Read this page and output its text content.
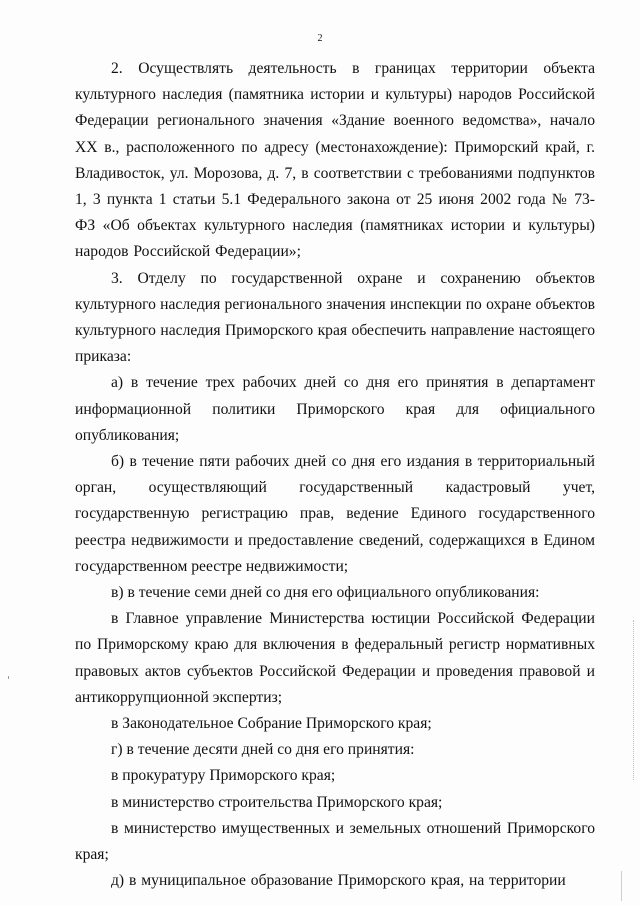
2

2. Осуществлять деятельность в границах территории объекта культурного наследия (памятника истории и культуры) народов Российской Федерации регионального значения «Здание военного ведомства», начало XX в., расположенного по адресу (местонахождение): Приморский край, г. Владивосток, ул. Морозова, д. 7, в соответствии с требованиями подпунктов 1, 3 пункта 1 статьи 5.1 Федерального закона от 25 июня 2002 года № 73-ФЗ «Об объектах культурного наследия (памятниках истории и культуры) народов Российской Федерации»;

3. Отделу по государственной охране и сохранению объектов культурного наследия регионального значения инспекции по охране объектов культурного наследия Приморского края обеспечить направление настоящего приказа:

а) в течение трех рабочих дней со дня его принятия в департамент информационной политики Приморского края для официального опубликования;

б) в течение пяти рабочих дней со дня его издания в территориальный орган, осуществляющий государственный кадастровый учет, государственную регистрацию прав, ведение Единого государственного реестра недвижимости и предоставление сведений, содержащихся в Едином государственном реестре недвижимости;

в) в течение семи дней со дня его официального опубликования:

в Главное управление Министерства юстиции Российской Федерации по Приморскому краю для включения в федеральный регистр нормативных правовых актов субъектов Российской Федерации и проведения правовой и антикоррупционной экспертиз;

в Законодательное Собрание Приморского края;

г) в течение десяти дней со дня его принятия:

в прокуратуру Приморского края;

в министерство строительства Приморского края;

в министерство имущественных и земельных отношений Приморского края;

д) в муниципальное образование Приморского края, на территории
